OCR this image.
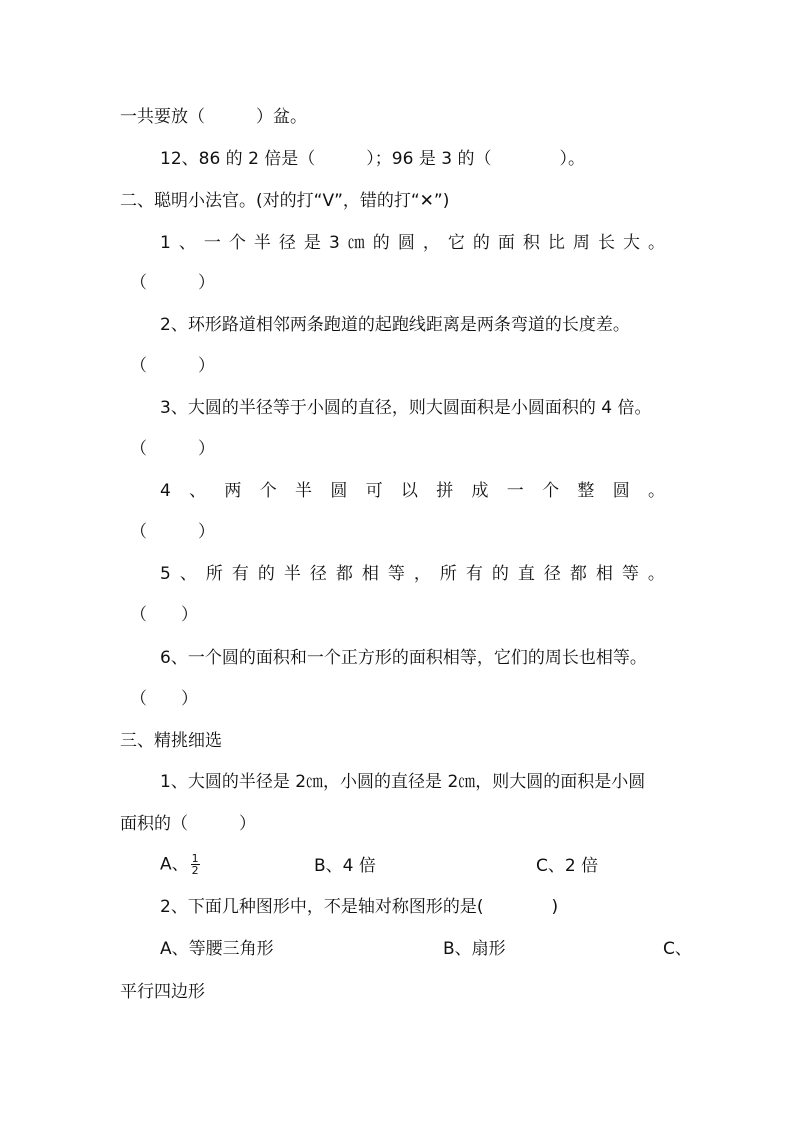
一共要放（　　　）盆。
12、86 的 2 倍是（　　　）；96 是 3 的（　　　　）。
二、聪明小法官。(对的打“V”，错的打“✕”)
1 、 一 个 半 径 是 3 ㎝ 的 圆 ， 它 的 面 积 比 周 长 大 。
（　　　）
2、环形路道相邻两条跑道的起跑线距离是两条弯道的长度差。
（　　　）
3、大圆的半径等于小圆的直径，则大圆面积是小圆面积的 4 倍。
（　　　）
4 、 两 个 半 圆 可 以 拼 成 一 个 整 圆 。
（　　　）
5 、 所 有 的 半 径 都 相 等 ， 所 有 的 直 径 都 相 等 。
（　　）
6、一个圆的面积和一个正方形的面积相等，它们的周长也相等。
（　　）
三、精挑细选
1、大圆的半径是 2㎝，小圆的直径是 2㎝，则大圆的面积是小圆
面积的（　　　）
A、 $\frac{1}{2}$	B、4 倍	C、2 倍
2、下面几种图形中，不是轴对称图形的是(　　　　)
A、等腰三角形	B、扇形	C、
平行四边形
